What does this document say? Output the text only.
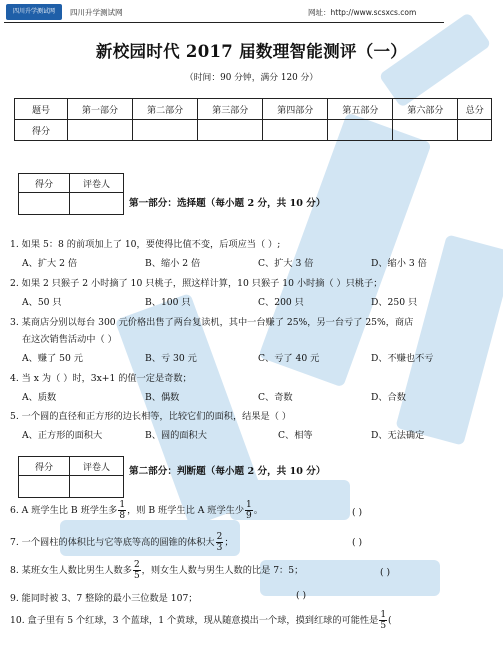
四川升学测试网	四川升学测试网	网址：http://www.scsxcs.com
新校园时代 2017 届数理智能测评（一）
（时间：90 分钟，满分 120 分）
题号	第一部分	第二部分	第三部分	第四部分	第五部分	第六部分	总分
得分							
得分	评卷人

第一部分：选择题（每小题 2 分，共 10 分）
1. 如果 5：8 的前项加上了 10，要使得比值不变，后项应当（ ）;
A、扩大 2 倍	B、缩小 2 倍	C、扩大 3 倍	D、缩小 3 倍
2. 如果 2 只猴子 2 小时摘了 10 只桃子，照这样计算，10 只猴子 10 小时摘（ ）只桃子；
A、50 只	B、100 只	C、200 只	D、250 只
3. 某商店分别以每台 300 元价格出售了两台复读机，其中一台赚了 25%，另一台亏了 25%，商店
在这次销售活动中（ ）
A、赚了 50 元	B、亏 30 元	C、亏了 40 元	D、不赚也不亏
4. 当 x 为（ ）时，3x+1 的值一定是奇数；
A、质数	B、偶数	C、奇数	D、合数
5. 一个圆的直径和正方形的边长相等，比较它们的面积，结果是（ ）
A、正方形的面积大	B、圆的面积大	C、相等	D、无法确定
得分	评卷人
	第二部分：判断题（每小题 2 分，共 10 分）
6. A 班学生比 B 班学生多 $\frac{1}{8}$ ，则 B 班学生比 A 班学生少 $\frac{1}{9}$ 。	( )
7. 一个圆柱的体积比与它等底等高的圆锥的体积大 $\frac{2}{3}$ ；	( )
8. 某班女生人数比男生人数多 $\frac{2}{5}$ ，则女生人数与男生人数的比是 7：5；	( )
9. 能同时被 3、7 整除的最小三位数是 107；	( )
10. 盒子里有 5 个红球，3 个蓝球，1 个黄球，现从随意摸出一个球，摸到红球的可能性是 $\frac{1}{5}$ (
